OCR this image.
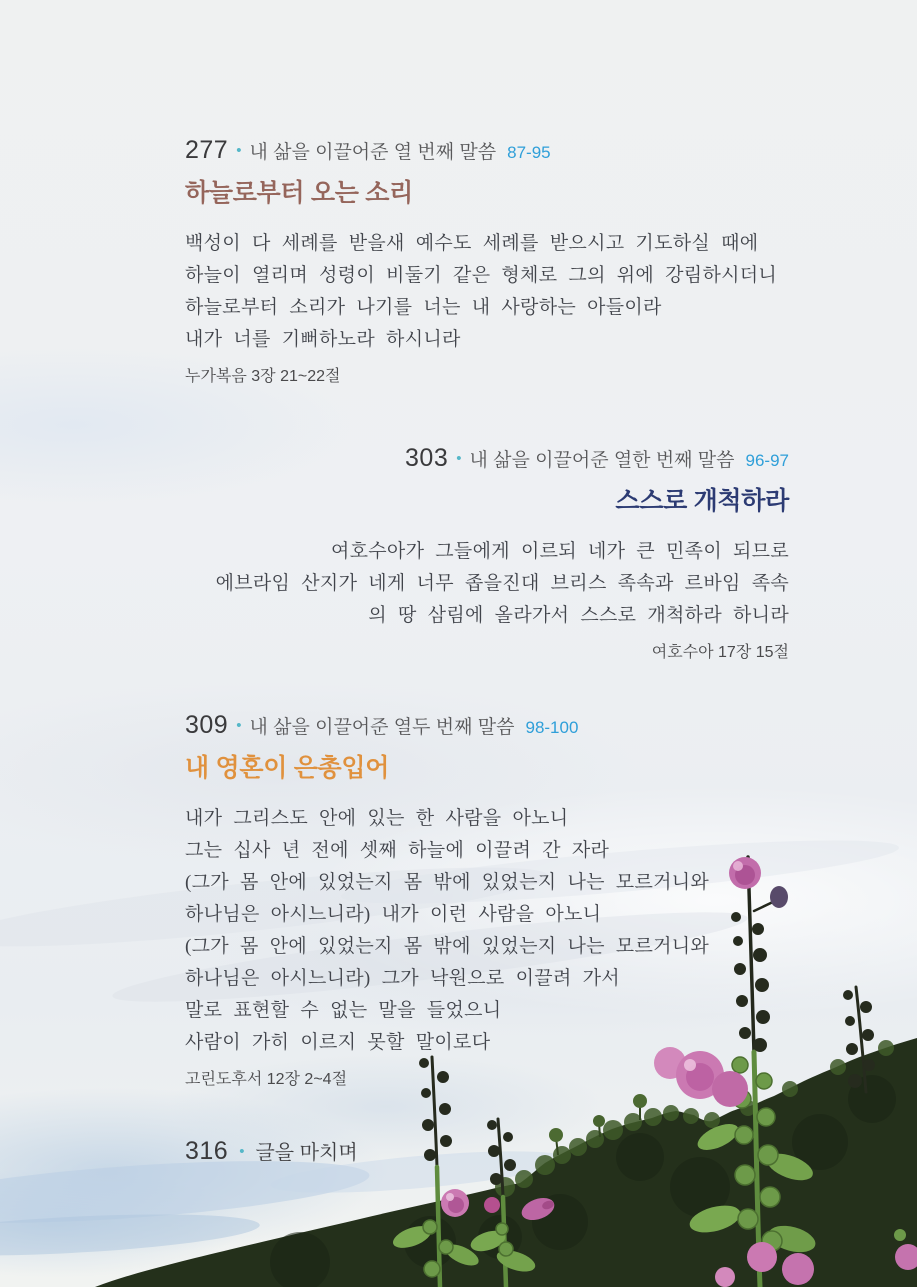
277 • 내 삶을 이끌어준 열 번째 말씀 87-95
하늘로부터 오는 소리
백성이 다 세례를 받을새 예수도 세례를 받으시고 기도하실 때에
하늘이 열리며 성령이 비둘기 같은 형체로 그의 위에 강림하시더니
하늘로부터 소리가 나기를 너는 내 사랑하는 아들이라
내가 너를 기뻐하노라 하시니라
누가복음 3장 21~22절
303 • 내 삶을 이끌어준 열한 번째 말씀 96-97
스스로 개척하라
여호수아가 그들에게 이르되 네가 큰 민족이 되므로
에브라임 산지가 네게 너무 좁을진대 브리스 족속과 르바임 족속
의 땅 삼림에 올라가서 스스로 개척하라 하니라
여호수아 17장 15절
309 • 내 삶을 이끌어준 열두 번째 말씀 98-100
내 영혼이 은총입어
내가 그리스도 안에 있는 한 사람을 아노니
그는 십사 년 전에 셋째 하늘에 이끌려 간 자라
(그가 몸 안에 있었는지 몸 밖에 있었는지 나는 모르거니와
하나님은 아시느니라) 내가 이런 사람을 아노니
(그가 몸 안에 있었는지 몸 밖에 있었는지 나는 모르거니와
하나님은 아시느니라) 그가 낙원으로 이끌려 가서
말로 표현할 수 없는 말을 들었으니
사람이 가히 이르지 못할 말이로다
고린도후서 12장 2~4절
316 • 글을 마치며
